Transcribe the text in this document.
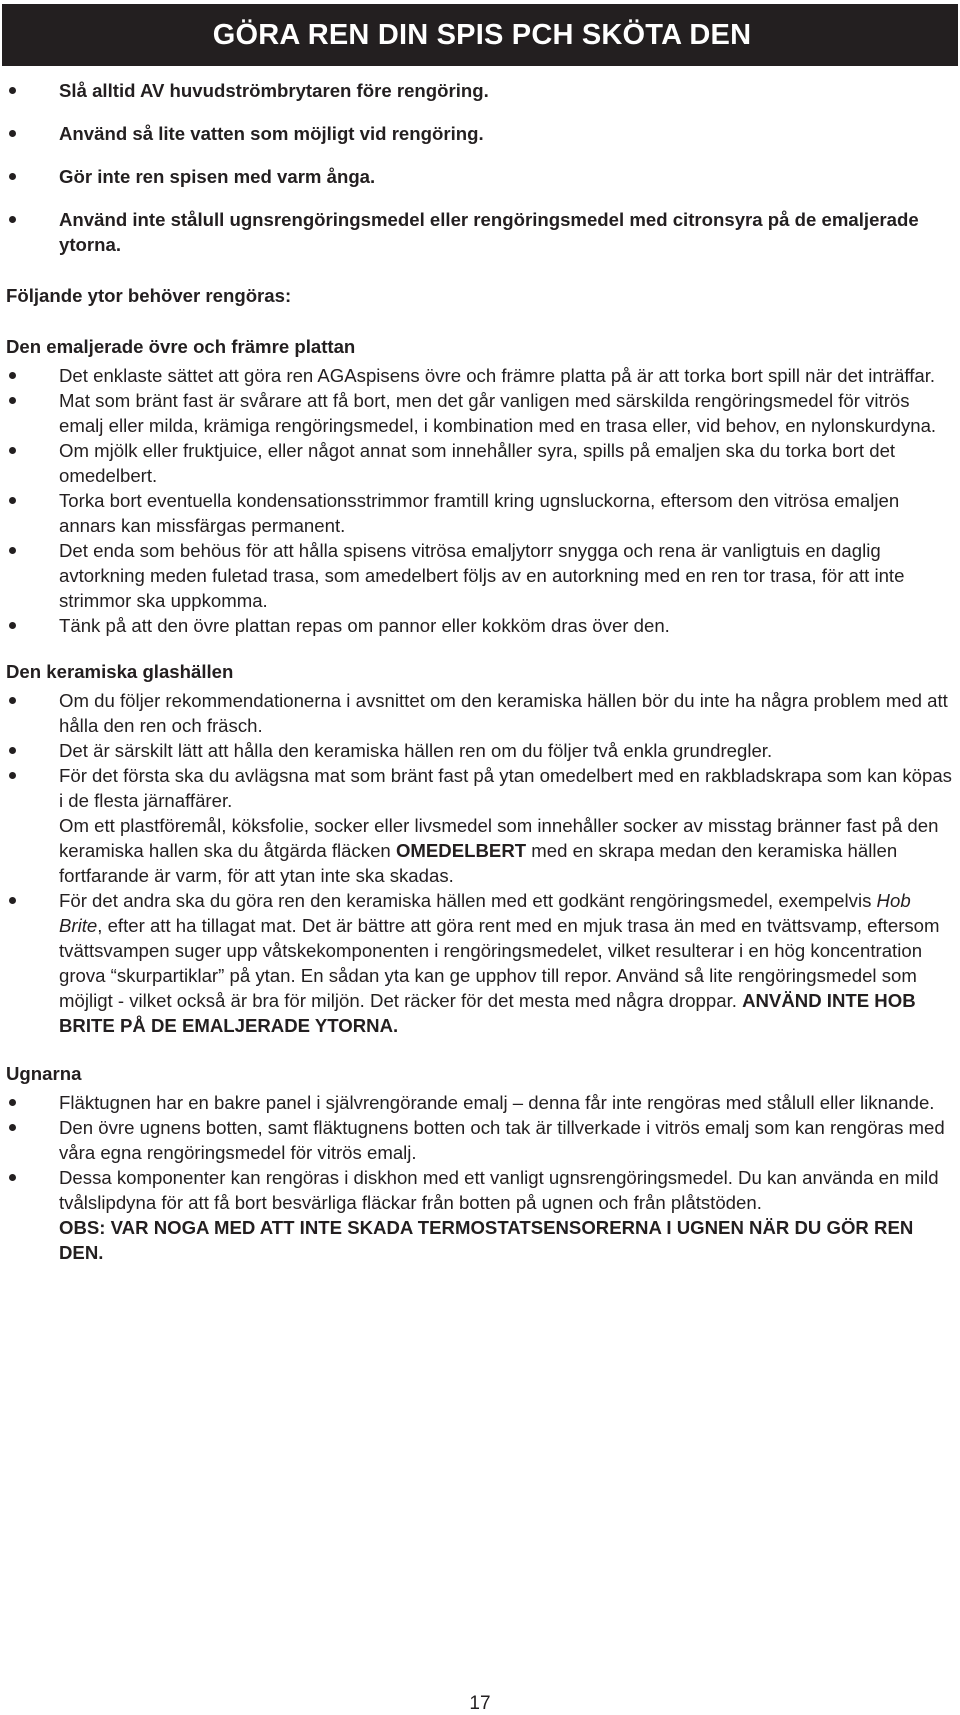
GÖRA REN DIN SPIS PCH SKÖTA DEN
Slå alltid AV huvudströmbrytaren före rengöring.
Använd så lite vatten som möjligt vid rengöring.
Gör inte ren spisen med varm ånga.
Använd inte stålull ugnsrengöringsmedel eller rengöringsmedel med citronsyra på de emaljerade ytorna.
Följande ytor behöver rengöras:
Den emaljerade övre och främre plattan
Det enklaste sättet att göra ren AGAspisens övre och främre platta på är att torka bort spill när det inträffar.
Mat som bränt fast är svårare att få bort, men det går vanligen med särskilda rengöringsmedel för vitrös emalj eller milda, krämiga rengöringsmedel, i kombination med en trasa eller, vid behov, en nylonskurdyna.
Om mjölk eller fruktjuice, eller något annat som innehåller syra, spills på emaljen ska du torka bort det omedelbert.
Torka bort eventuella kondensationsstrimmor framtill kring ugnsluckorna, eftersom den vitrösa emaljen annars kan missfärgas permanent.
Det enda som behöus för att hålla spisens vitrösa emaljytorr snygga och rena är vanligtuis en daglig avtorkning meden fuletad trasa, som amedelbert följs av en autorkning med en ren tor trasa, för att inte strimmor ska uppkomma.
Tänk på att den övre plattan repas om pannor eller kokköm dras över den.
Den keramiska glashällen
Om du följer rekommendationerna i avsnittet om den keramiska hällen bör du inte ha några problem med att hålla den ren och fräsch.
Det är särskilt lätt att hålla den keramiska hällen ren om du följer två enkla grundregler.
För det första ska du avlägsna mat som bränt fast på ytan omedelbert med en rakbladskrapa som kan köpas i de flesta järnaffärer.
Om ett plastföremål, köksfolie, socker eller livsmedel som innehåller socker av misstag bränner fast på den keramiska hallen ska du åtgärda fläcken OMEDELBERT med en skrapa medan den keramiska hällen fortfarande är varm, för att ytan inte ska skadas.
För det andra ska du göra ren den keramiska hällen med ett godkänt rengöringsmedel, exempelvis Hob Brite, efter att ha tillagat mat. Det är bättre att göra rent med en mjuk trasa än med en tvättsvamp, eftersom tvättsvampen suger upp våtskekomponenten i rengöringsmedelet, vilket resulterar i en hög koncentration grova “skurpartiklar” på ytan. En sådan yta kan ge upphov till repor. Använd så lite rengöringsmedel som möjligt - vilket också är bra för miljön. Det räcker för det mesta med några droppar. ANVÄND INTE HOB BRITE PÅ DE EMALJERADE YTORNA.
Ugnarna
Fläktugnen har en bakre panel i självrengörande emalj – denna får inte rengöras med stålull eller liknande.
Den övre ugnens botten, samt fläktugnens botten och tak är tillverkade i vitrös emalj som kan rengöras med våra egna rengöringsmedel för vitrös emalj.
Dessa komponenter kan rengöras i diskhon med ett vanligt ugnsrengöringsmedel. Du kan använda en mild tvålslipdyna för att få bort besvärliga fläckar från botten på ugnen och från plåtstöden.
OBS: VAR NOGA MED ATT INTE SKADA TERMOSTATSENSORERNA I UGNEN NÄR DU GÖR REN DEN.
17
